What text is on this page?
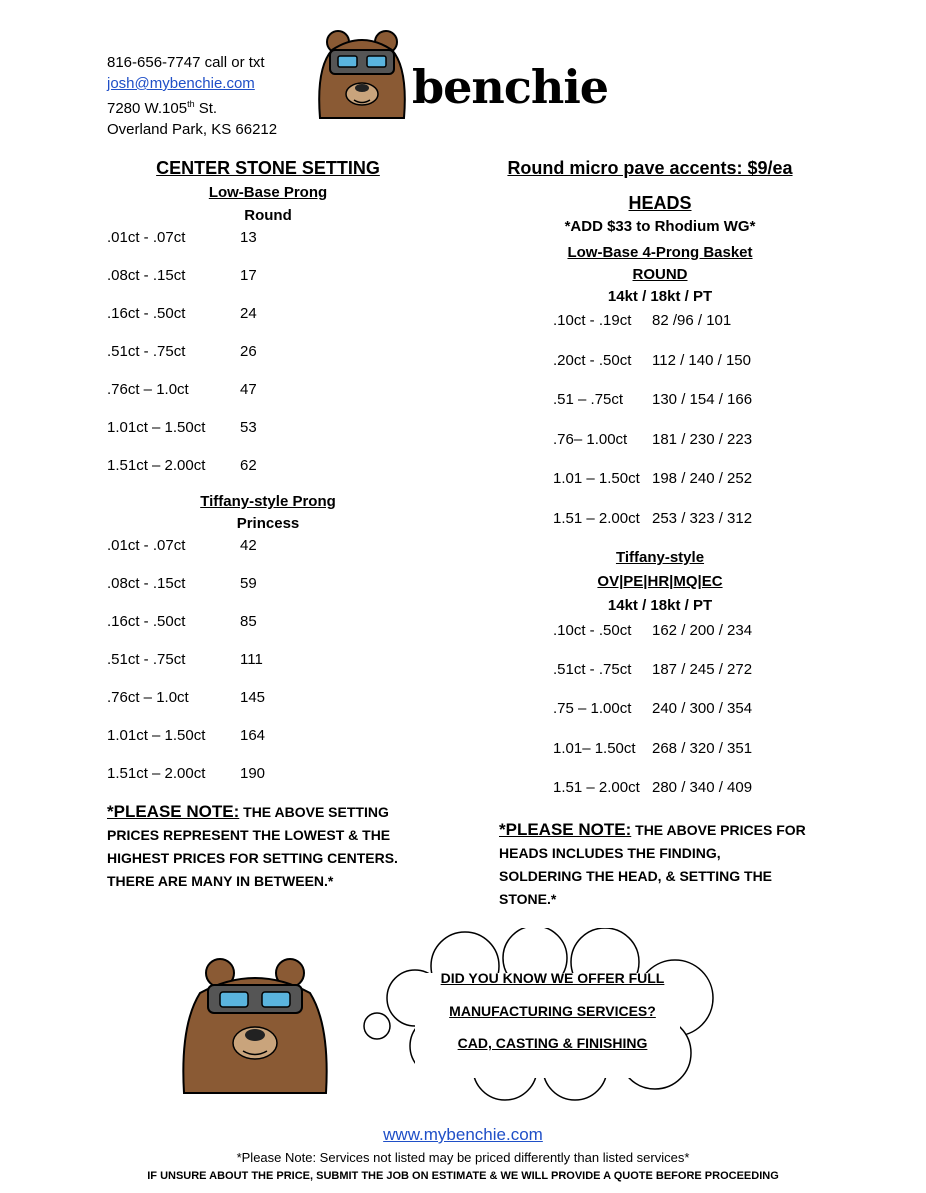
816-656-7747 call or txt
josh@mybenchie.com
7280 W.105th St.
Overland Park, KS 66212
benchie
CENTER STONE SETTING
Low-Base Prong
Round
.01ct - .07ct	13
.08ct - .15ct	17
.16ct - .50ct	24
.51ct - .75ct	26
.76ct – 1.0ct	47
1.01ct – 1.50ct 53
1.51ct – 2.00ct 62
Tiffany-style Prong
Princess
.01ct - .07ct	42
.08ct - .15ct	59
.16ct - .50ct	85
.51ct - .75ct	111
.76ct – 1.0ct	145
1.01ct – 1.50ct 164
1.51ct – 2.00ct 190
*PLEASE NOTE: THE ABOVE SETTING
PRICES REPRESENT THE LOWEST & THE
HIGHEST PRICES FOR SETTING CENTERS.
THERE ARE MANY IN BETWEEN.*
Round micro pave accents: $9/ea
HEADS
*ADD $33 to Rhodium WG*
Low-Base 4-Prong Basket
ROUND
14kt / 18kt / PT
.10ct - .19ct 82 /96 / 101
.20ct - .50ct 112 / 140 / 150
.51 – .75ct 130 / 154 / 166
.76– 1.00ct 181 / 230 / 223
1.01 – 1.50ct 198 / 240 / 252
1.51 – 2.00ct 253 / 323 / 312
Tiffany-style
OV|PE|HR|MQ|EC
14kt / 18kt / PT
.10ct - .50ct 162 / 200 / 234
.51ct - .75ct 187 / 245 / 272
.75 – 1.00ct 240 / 300 / 354
1.01– 1.50ct 268 / 320 / 351
1.51 – 2.00ct 280 / 340 / 409
*PLEASE NOTE: THE ABOVE PRICES FOR
HEADS INCLUDES THE FINDING,
SOLDERING THE HEAD, & SETTING THE
STONE.*
DID YOU KNOW WE OFFER FULL
MANUFACTURING SERVICES?
CAD, CASTING & FINISHING
www.mybenchie.com
*Please Note: Services not listed may be priced differently than listed services*
IF UNSURE ABOUT THE PRICE, SUBMIT THE JOB ON ESTIMATE & WE WILL PROVIDE A QUOTE BEFORE PROCEEDING
